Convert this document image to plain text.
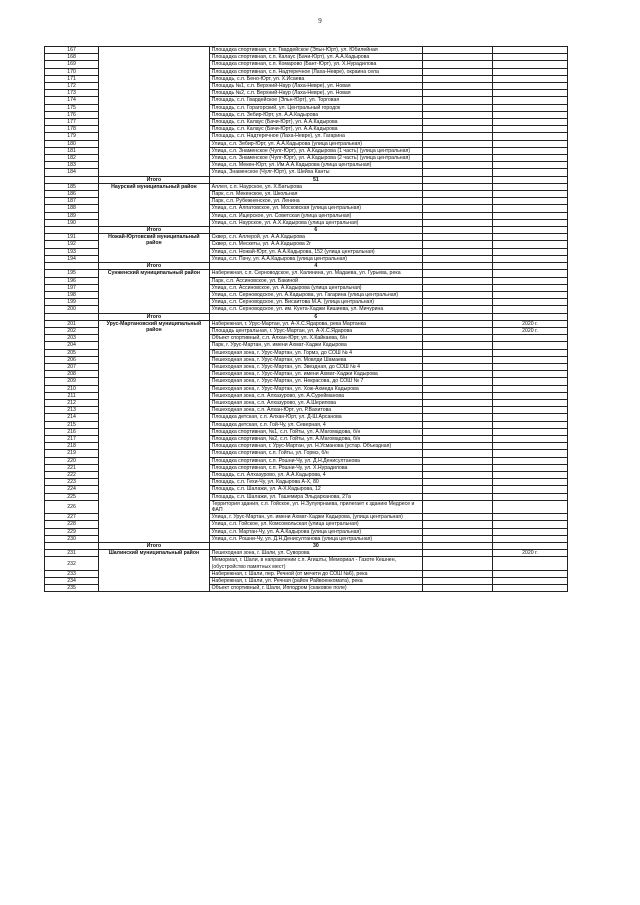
9
167		Площадка спортивная, с.п. Гвардейское (Эльн-Юрт), ул. Юбилейная		
168		Площадка спортивная, с.п. Калаус (Бачи-Юрт), ул. А.А.Кадырова		
169		Площадка спортивная, с.п. Комарово (Бант-Юрт), ул. Х.Нурадилова		
170		Площадка спортивная, с.п. Надтеречное (Лаха-Невре), окраина села		
171		Площадь, с.п. Бено-Юрт, ул. Х.Исаева		
172		Площадь №1, с.п. Верхний-Наур (Лаха-Невре), ул. Новая		
173		Площадь №2, с.п. Верхний-Наур (Лаха-Невре), ул. Новая		
174		Площадь, с.п. Гвардейское (Эльн-Юрт), ул. Торговая		
175		Площадь, с.п. Горагорский, ул. Центральный городок		
176		Площадь, с.п. Зебир-Юрт, ул. А.А.Кадырова		
177		Площадь, с.п. Калаус (Бачи-Юрт), ул. А.А.Кадырова		
178		Площадь, с.п. Калаус (Бачи-Юрт), ул. А.А.Кадырова		
179		Площадь, с.п. Надтеречное (Лаха-Невре), ул. Гагарина		
180		Улица, с.п. Зебир-Юрт, ул. А.А.Кадырова (улица центральная)		
181		Улица, с.п. Знаменское (Чулг-Юрт), ул. А.Кадырова (1 часть) (улица центральная)		
182		Улица, с.п. Знаменское (Чулг-Юрт), ул. А.Кадырова (2 часть) (улица центральная)		
183		Улица, с.п. Мекен-Юрт, ул. Им.А.А.Кадырова (улица центральная)		
184		Улица, Знаменское (Чулг-Юрт), ул. Шейха Канты		
	Итого	51		
185	Наурский муниципальный район	Аллея, с.п. Наурское, ул. Х.Батырова		
186		Парк, с.п. Мекенское, ул. Школьная		
187		Парк, с.п. Рубежненское, ул. Ленина		
188		Улица, с.п. Алпатовское, ул. Московская (улица центральная)		
189		Улица, с.п. Ищерское, ул. Советская (улица центральная)		
190		Улица, с.п. Наурское, ул. А.Х.Кадырова (улица центральная)		
	Итого	6		
191	Ножай-Юртовский муниципальный район	Сквер, с.п. Аллерой, ул. А.А.Кадырова		
192		Сквер, с.п. Мескеты, ул. А.А.Кадырова 2г		
193		Улица, с.п. Ножай-Юрт, ул. А.А.Кадырова, 152 (улица центральная)		
194		Улица, с.п. Пачу, ул. А.А.Кадырова (улица центральная)		
	Итого	4		
195	Сунженский муниципальный район	Набережная, с.п. Серноводское, ул. Калинина, ул. Мадаева, ул. Гурьева, река		
196		Парк, с.п. Ассиновское, ул. Бакиной		
197		Улица, с.п. Ассиновское, ул. А.Кадырова (улица центральная)		
198		Улица, с.п. Серноводское, ул. А.Кадырова, ул. Гагарина (улица центральная)		
199		Улица, с.п. Серноводское, ул. Висаитова М.А. (улица центральная)		
200		Улица, с.п. Серноводское, ул. им. Кунта-Хаджи Кишиева, ул. Мичурина		
	Итого	6		
201	Урус-Мартановский муниципальный район	Набережная, г. Урус-Мартан, ул. А-Х.С.Ядарова, река Мартанка		2020 г.
202		Площадь центральная, г. Урус-Мартан, ул. А-Х.С.Ядарова		2020 г.
203		Объект спортивный, с.п. Алхан-Юрт, ул. Х.Кайкаева, б/н		
204		Парк, г. Урус-Мартан, ул. имени Ахмат-Хаджи Кадырова		
205		Пешеходная зона, г. Урус-Мартан, ул. Гормэ, до СОШ № 4		
206		Пешеходная зона, г. Урус-Мартан, ул. Мовлди Шамаева		
207		Пешеходная зона, г. Урус-Мартан, ул. Звездная, до СОШ № 4		
208		Пешеходная зона, г. Урус-Мартан, ул. имени Ахмат-Хаджи Кадырова		
209		Пешеходная зона, г. Урус-Мартан, ул. Некрасова, до СОШ № 7		
210		Пешеходная зона, г. Урус-Мартан, ул. Хож-Ахмеда Кадырова		
211		Пешеходная зона, с.п. Алхазурово, ул. А.Сурейманова		
212		Пешеходная зона, с.п. Алхазурово, ул. А.Шерипова		
213		Пешеходная зона, с.п. Алхан-Юрт, ул. Р.Вахитова		
214		Площадка детская, с.п. Алхан-Юрт, ул. Д-Ш.Арсанова		
215		Площадка детская, с.п. Гой-Чу, ул. Северная, 4		
216		Площадка спортивная, №1, с.п. Гойты, ул. А.Магомадова, б/н		
217		Площадка спортивная, №2, с.п. Гойты, ул. А.Магомадова, б/н		
218		Площадка спортивная, г. Урус-Мартан, ул. Н.Усманова (устар. Объездная)		
219		Площадка спортивная, с.п. Гойты, ул. Гормэ, б/н		
220		Площадка спортивная, с.п. Рошни-Чу, ул. Д.Н.Денисултанова		
221		Площадка спортивная, с.п. Рошни-Чу, ул. Х.Нурадилова		
222		Площадь, с.п. Алхазурово, ул. А.А.Кадырова, 4		
223		Площадь, с.п. Гехи-Чу, ул. Кадырова А-Х, 80		
224		Площадь, с.п. Шалажи, ул. А-Х.Кадырова, 12		
225		Площадь, с.п. Шалажи, ул. Ташемира Эльдарханова, 27а		
226		Территория здания, с.п. Гойское, ул. Н.Зулуярнаева, прилегает к зданию Медресе и ФАП		
227		Улица, г. Урус-Мартан, ул. имени Ахмат-Хаджи Кадырова, (улица центральная)		
228		Улица, с.п. Гойское, ул. Комсомольская (улица центральная)		
229		Улица, с.п. Мартан-Чу, ул. А.А.Кадырова (улица центральная)		
230		Улица, с.п. Рошни-Чу, ул. Д.Н.Денисултанова (улица центральная)		
	Итого	30		
231	Шалинский муниципальный район	Пешеходная зона, г. Шали, ул. Суворова		2020 г.
232		Мемориал, г. Шали, в направлении с.п. Агишты, Мемориал - Газоте Кешнен, (обустройство памятных мест)		
233		Набережная, г. Шали, пер. Речной (от мечети до СОШ №6), река		
234		Набережная, г. Шали, ул. Речная (район Райвоенкомата), река		
235		Объект спортивный, г. Шали, Ипподром (скаковое поле)		
